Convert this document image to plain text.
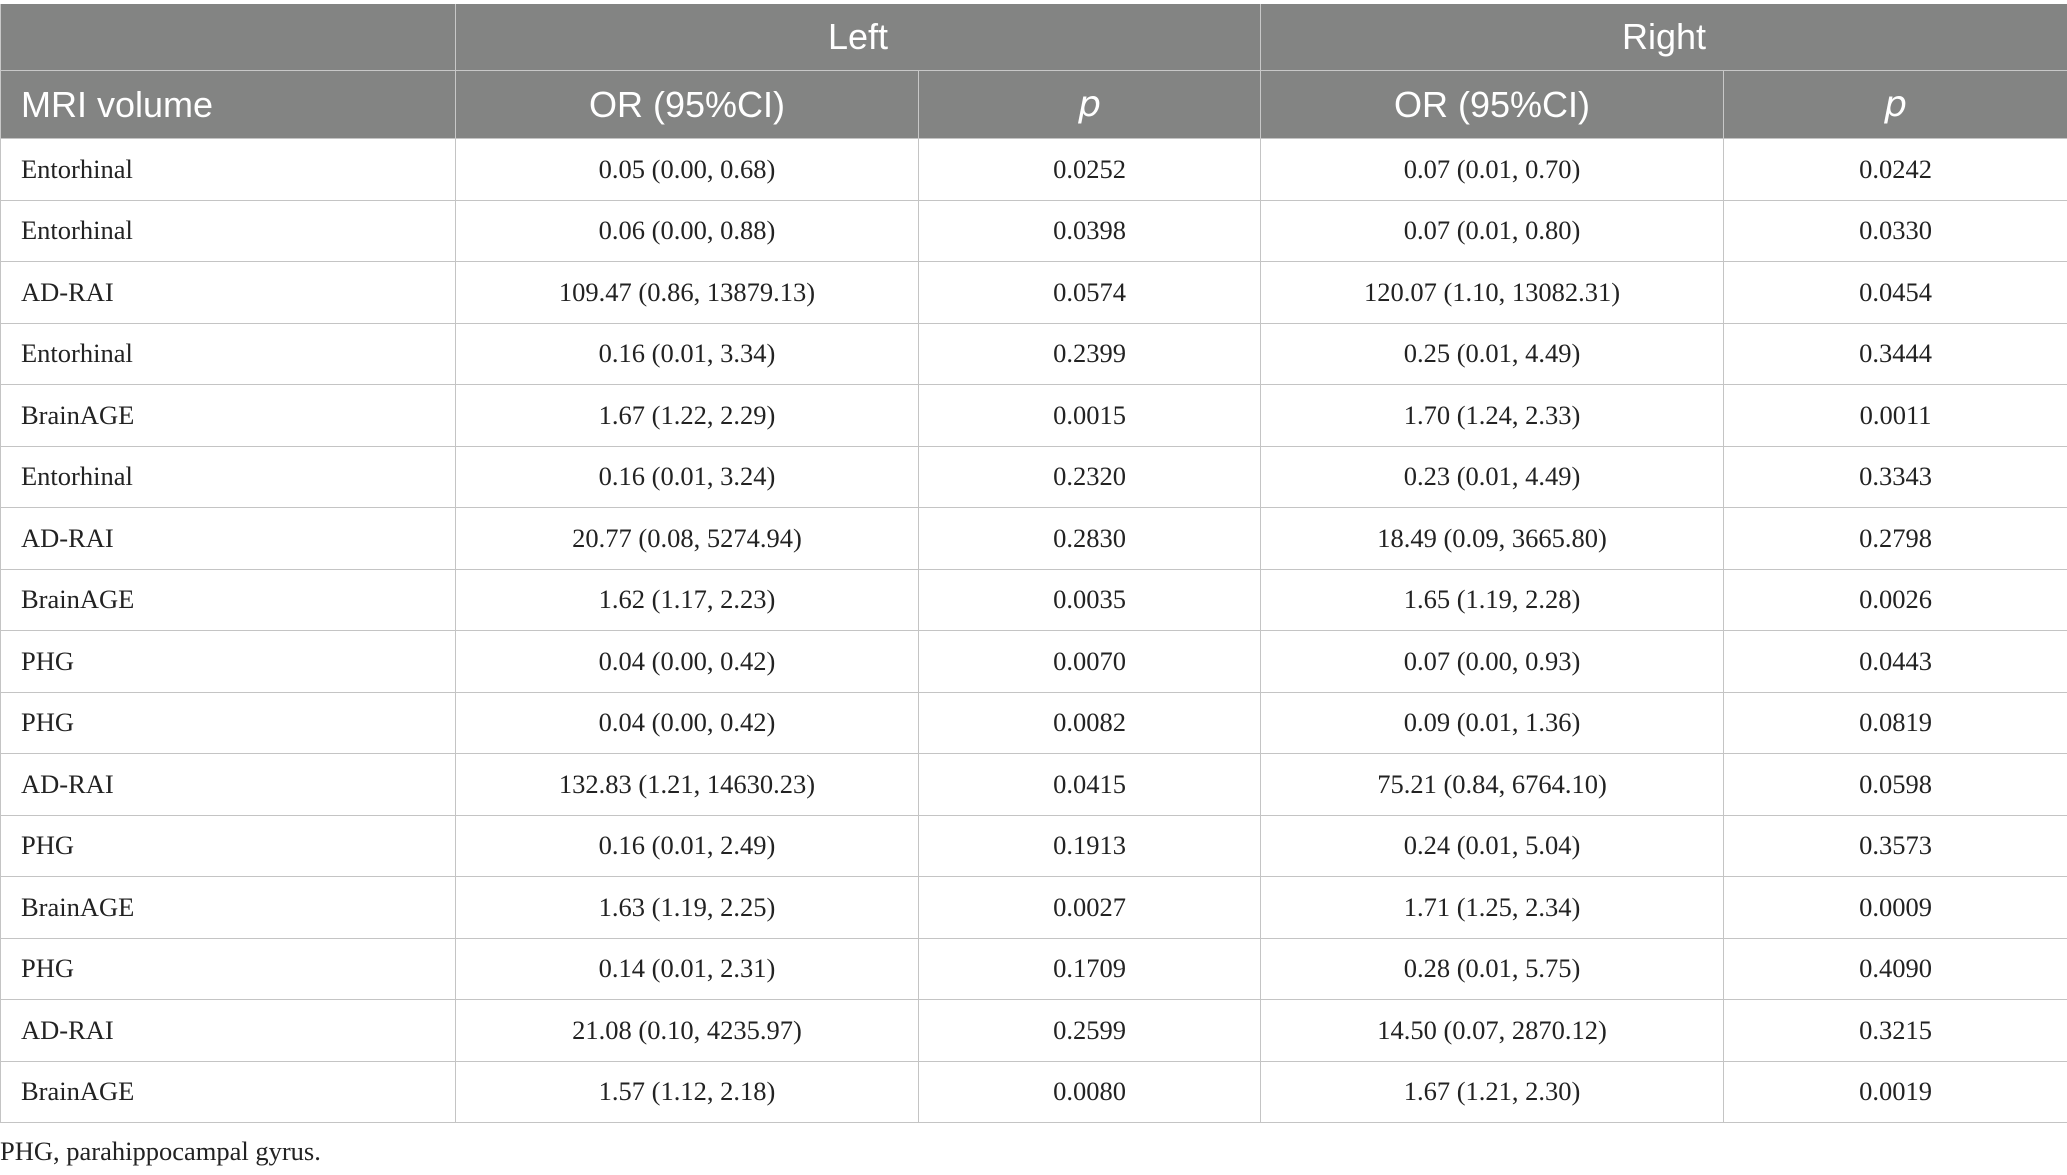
	Left		Right	
MRI volume	OR (95%CI)	p	OR (95%CI)	p
Entorhinal	0.05 (0.00, 0.68)	0.0252	0.07 (0.01, 0.70)	0.0242
Entorhinal	0.06 (0.00, 0.88)	0.0398	0.07 (0.01, 0.80)	0.0330
AD-RAI	109.47 (0.86, 13879.13)	0.0574	120.07 (1.10, 13082.31)	0.0454
Entorhinal	0.16 (0.01, 3.34)	0.2399	0.25 (0.01, 4.49)	0.3444
BrainAGE	1.67 (1.22, 2.29)	0.0015	1.70 (1.24, 2.33)	0.0011
Entorhinal	0.16 (0.01, 3.24)	0.2320	0.23 (0.01, 4.49)	0.3343
AD-RAI	20.77 (0.08, 5274.94)	0.2830	18.49 (0.09, 3665.80)	0.2798
BrainAGE	1.62 (1.17, 2.23)	0.0035	1.65 (1.19, 2.28)	0.0026
PHG	0.04 (0.00, 0.42)	0.0070	0.07 (0.00, 0.93)	0.0443
PHG	0.04 (0.00, 0.42)	0.0082	0.09 (0.01, 1.36)	0.0819
AD-RAI	132.83 (1.21, 14630.23)	0.0415	75.21 (0.84, 6764.10)	0.0598
PHG	0.16 (0.01, 2.49)	0.1913	0.24 (0.01, 5.04)	0.3573
BrainAGE	1.63 (1.19, 2.25)	0.0027	1.71 (1.25, 2.34)	0.0009
PHG	0.14 (0.01, 2.31)	0.1709	0.28 (0.01, 5.75)	0.4090
AD-RAI	21.08 (0.10, 4235.97)	0.2599	14.50 (0.07, 2870.12)	0.3215
BrainAGE	1.57 (1.12, 2.18)	0.0080	1.67 (1.21, 2.30)	0.0019
PHG, parahippocampal gyrus.
